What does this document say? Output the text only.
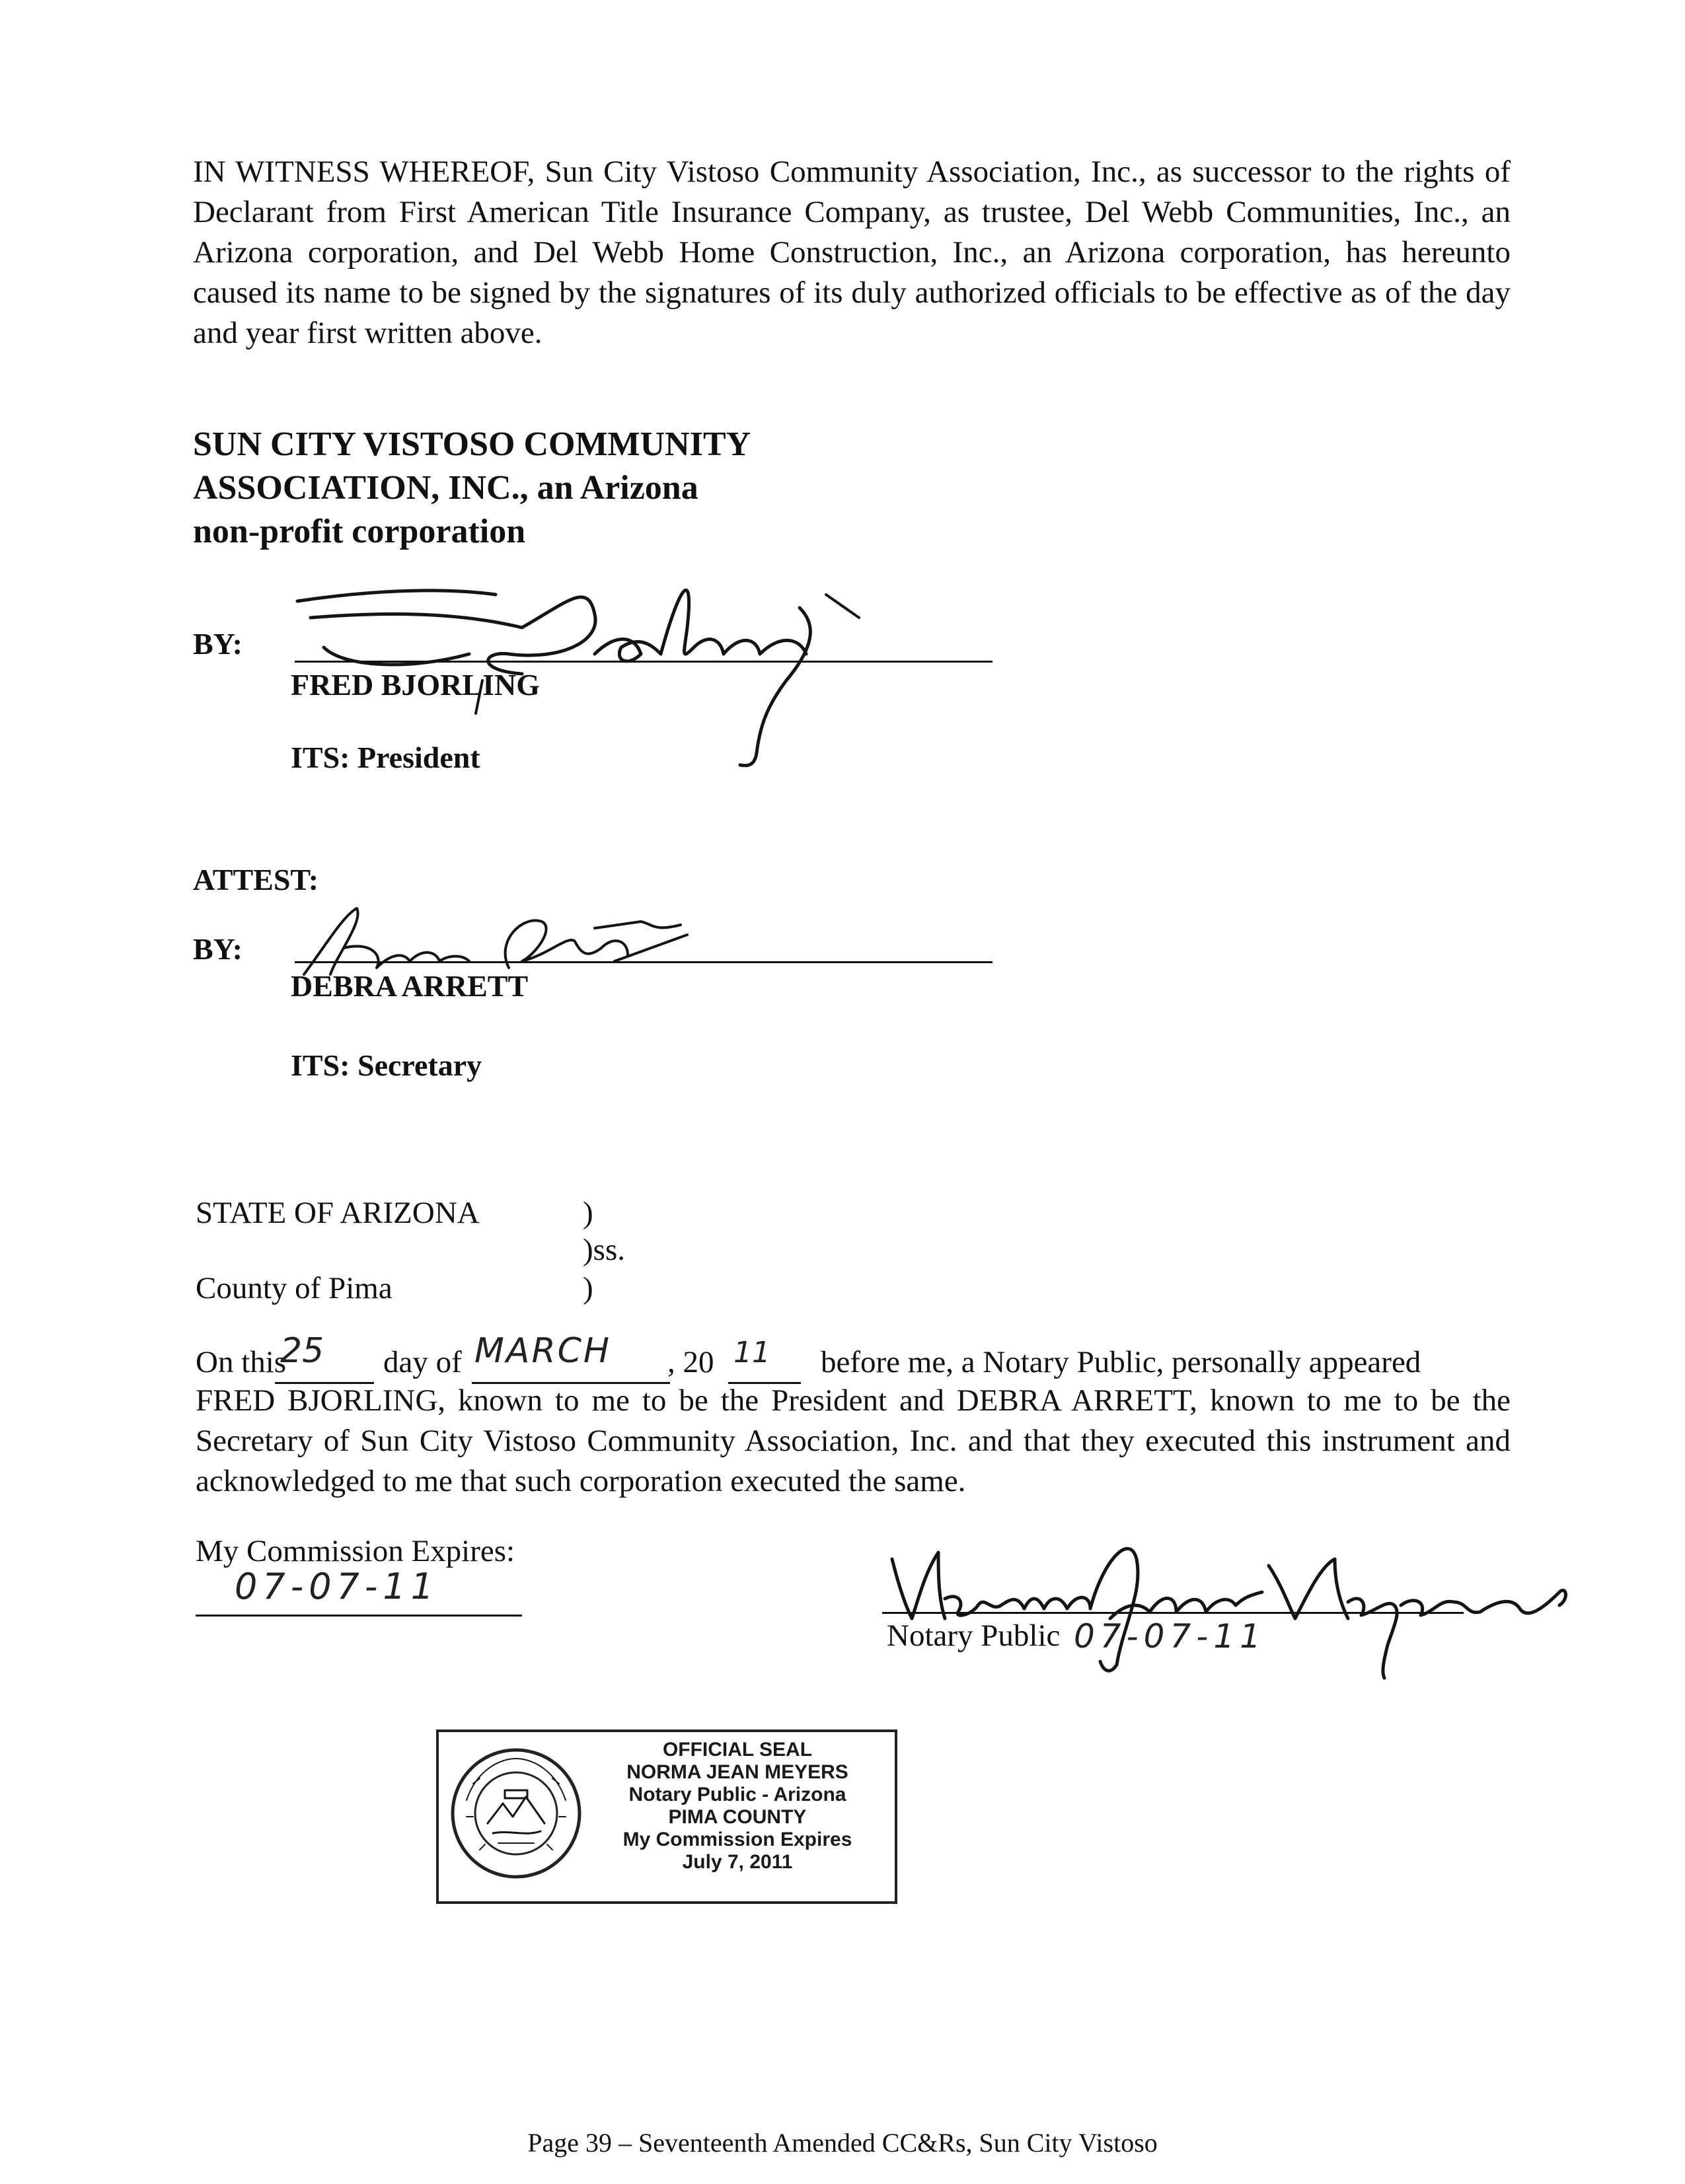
IN WITNESS WHEREOF, Sun City Vistoso Community Association, Inc., as successor to the rights of Declarant from First American Title Insurance Company, as trustee, Del Webb Communities, Inc., an Arizona corporation, and Del Webb Home Construction, Inc., an Arizona corporation, has hereunto caused its name to be signed by the signatures of its duly authorized officials to be effective as of the day and year first written above.
SUN CITY VISTOSO COMMUNITY
ASSOCIATION, INC., an Arizona
non-profit corporation
BY:
FRED BJORLING
ITS: President
ATTEST:
BY:
DEBRA ARRETT
ITS: Secretary
STATE OF ARIZONA	)
)ss.
County of Pima	)
On this
25 day of MARCH , 20 11 before me, a Notary Public, personally appeared
FRED BJORLING, known to me to be the President and DEBRA ARRETT, known to me to be the Secretary of Sun City Vistoso Community Association, Inc. and that they executed this instrument and acknowledged to me that such corporation executed the same.
My Commission Expires:
07-07-11
Notary Public 07-07-11
OFFICIAL SEAL
NORMA JEAN MEYERS
Notary Public - Arizona
PIMA COUNTY
My Commission Expires
July 7, 2011
Page 39 – Seventeenth Amended CC&Rs, Sun City Vistoso
